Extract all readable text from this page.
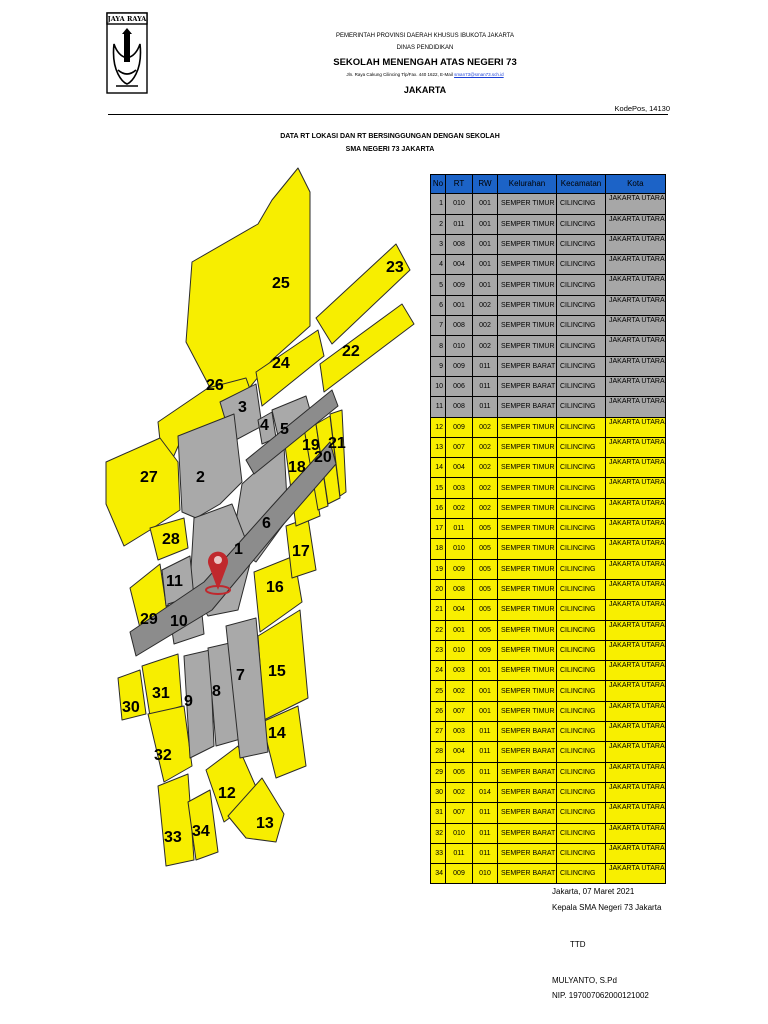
JAYA RAYA
PEMERINTAH PROVINSI DAERAH KHUSUS IBUKOTA JAKARTA
DINAS PENDIDIKAN
SEKOLAH MENENGAH ATAS NEGERI 73
Jln. Raya Cakung Cilincing Tlp/Fax. 440 1622, E-Mail sman73@sman73.sch.id
JAKARTA
KodePos, 14130
DATA RT LOKASI DAN RT BERSINGGUNGAN DENGAN SEKOLAH
SMA NEGERI 73 JAKARTA
2
1
3
4 5
6
7
8
9
10
11
12
13
14
15
16
17
18
19
20
21
22
23
24
25
26
27
28
29
30
31
32
33 34
No	RT	RW	Kelurahan	Kecamatan	Kota
1	010	001	SEMPER TIMUR	CILINCING	JAKARTA UTARA
2	011	001	SEMPER TIMUR	CILINCING	JAKARTA UTARA
3	008	001	SEMPER TIMUR	CILINCING	JAKARTA UTARA
4	004	001	SEMPER TIMUR	CILINCING	JAKARTA UTARA
5	009	001	SEMPER TIMUR	CILINCING	JAKARTA UTARA
6	001	002	SEMPER TIMUR	CILINCING	JAKARTA UTARA
7	008	002	SEMPER TIMUR	CILINCING	JAKARTA UTARA
8	010	002	SEMPER TIMUR	CILINCING	JAKARTA UTARA
9	009	011	SEMPER BARAT	CILINCING	JAKARTA UTARA
10	006	011	SEMPER BARAT	CILINCING	JAKARTA UTARA
11	008	011	SEMPER BARAT	CILINCING	JAKARTA UTARA
12	009	002	SEMPER TIMUR	CILINCING	JAKARTA UTARA
13	007	002	SEMPER TIMUR	CILINCING	JAKARTA UTARA
14	004	002	SEMPER TIMUR	CILINCING	JAKARTA UTARA
15	003	002	SEMPER TIMUR	CILINCING	JAKARTA UTARA
16	002	002	SEMPER TIMUR	CILINCING	JAKARTA UTARA
17	011	005	SEMPER TIMUR	CILINCING	JAKARTA UTARA
18	010	005	SEMPER TIMUR	CILINCING	JAKARTA UTARA
19	009	005	SEMPER TIMUR	CILINCING	JAKARTA UTARA
20	008	005	SEMPER TIMUR	CILINCING	JAKARTA UTARA
21	004	005	SEMPER TIMUR	CILINCING	JAKARTA UTARA
22	001	005	SEMPER TIMUR	CILINCING	JAKARTA UTARA
23	010	009	SEMPER TIMUR	CILINCING	JAKARTA UTARA
24	003	001	SEMPER TIMUR	CILINCING	JAKARTA UTARA
25	002	001	SEMPER TIMUR	CILINCING	JAKARTA UTARA
26	007	001	SEMPER TIMUR	CILINCING	JAKARTA UTARA
27	003	011	SEMPER BARAT	CILINCING	JAKARTA UTARA
28	004	011	SEMPER BARAT	CILINCING	JAKARTA UTARA
29	005	011	SEMPER BARAT	CILINCING	JAKARTA UTARA
30	002	014	SEMPER BARAT	CILINCING	JAKARTA UTARA
31	007	011	SEMPER BARAT	CILINCING	JAKARTA UTARA
32	010	011	SEMPER BARAT	CILINCING	JAKARTA UTARA
33	011	011	SEMPER BARAT	CILINCING	JAKARTA UTARA
34	009	010	SEMPER BARAT	CILINCING	JAKARTA UTARA
Jakarta, 07 Maret 2021
Kepala SMA Negeri 73 Jakarta
TTD
MULYANTO, S.Pd
NIP. 197007062000121002
